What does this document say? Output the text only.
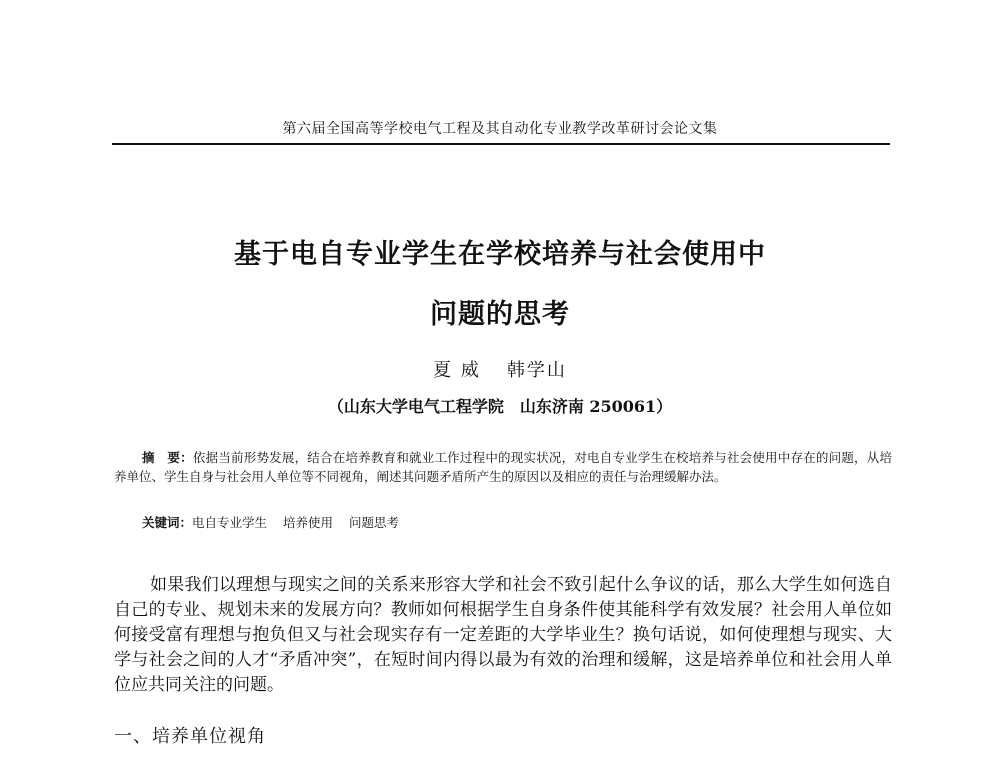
第六届全国高等学校电气工程及其自动化专业教学改革研讨会论文集
基于电自专业学生在学校培养与社会使用中
问题的思考
夏 威 韩学山
（山东大学电气工程学院　山东济南 250061）
摘　要：依据当前形势发展，结合在培养教育和就业工作过程中的现实状况，对电自专业学生在校培养与社会使用中存在的问题，从培养单位、学生自身与社会用人单位等不同视角，阐述其问题矛盾所产生的原因以及相应的责任与治理缓解办法。
关键词：电自专业学生 培养使用 问题思考
如果我们以理想与现实之间的关系来形容大学和社会不致引起什么争议的话，那么大学生如何选自自己的专业、规划未来的发展方向？教师如何根据学生自身条件使其能科学有效发展？社会用人单位如何接受富有理想与抱负但又与社会现实存有一定差距的大学毕业生？换句话说，如何使理想与现实、大学与社会之间的人才“矛盾冲突”，在短时间内得以最为有效的治理和缓解，这是培养单位和社会用人单位应共同关注的问题。
一、培养单位视角
